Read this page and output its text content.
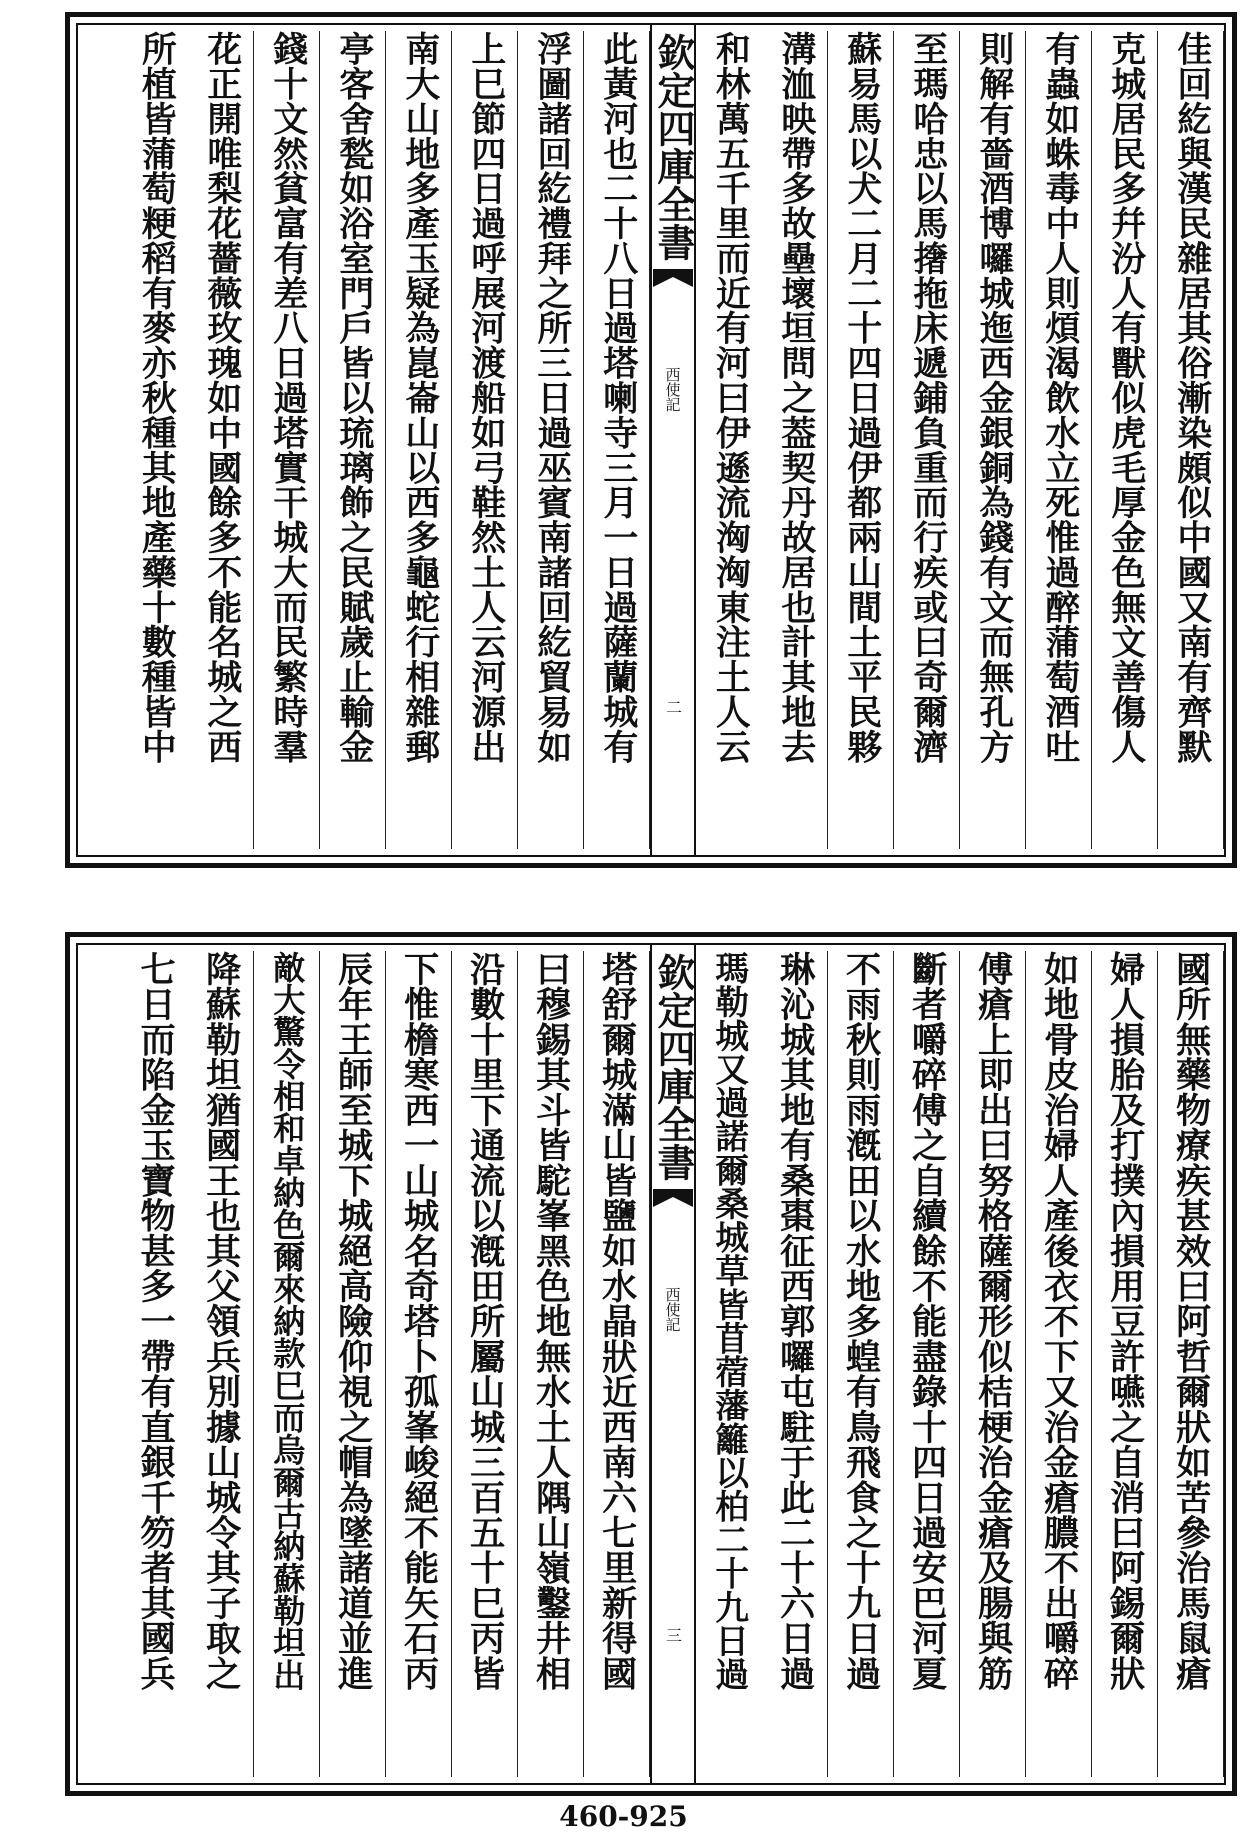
佳回紇與漢民雜居其俗漸染頗似中國又南有齊默
克城居民多幷汾人有獸似虎毛厚金色無文善傷人
有蟲如蛛毒中人則煩渴飲水立死惟過醉蒲萄酒吐
則解有嗇酒博囉城迤西金銀銅為錢有文而無孔方
至瑪哈忠以馬撦拖床遞鋪負重而行疾或曰奇爾濟
蘇易馬以犬二月二十四日過伊都兩山間土平民夥
溝洫映帶多故壘壞垣問之葢契丹故居也計其地去
和林萬五千里而近有河曰伊遜流洶洶東注土人云
欽定四庫全書
西使記
二
此黃河也二十八日過塔喇寺三月一日過薩蘭城有
浮圖諸回紇禮拜之所三日過巫賓南諸回紇貿易如
上巳節四日過呼展河渡船如弓鞋然土人云河源出
南大山地多產玉疑為崑崙山以西多龜蛇行相雜郵
亭客舍甃如浴室門戶皆以琉璃飾之民賦歲止輸金
錢十文然貧富有差八日過塔實干城大而民繁時羣
花正開唯梨花薔薇玫瑰如中國餘多不能名城之西
所植皆蒲萄粳稻有麥亦秋種其地產藥十數種皆中
國所無藥物療疾甚效曰阿哲爾狀如苦參治馬鼠瘡
婦人損胎及打撲內損用豆許嚥之自消曰阿錫爾狀
如地骨皮治婦人產後衣不下又治金瘡膿不出嚼碎
傅瘡上即出曰努格薩爾形似桔梗治金瘡及腸與筋
斷者嚼碎傅之自續餘不能盡錄十四日過安巴河夏
不雨秋則雨漑田以水地多蝗有鳥飛食之十九日過
琳沁城其地有桑棗征西郭囉屯駐于此二十六日過
瑪勒城又過諾爾桑城草皆苜蓿藩籬以柏二十九日過
欽定四庫全書
西使記
三
塔舒爾城滿山皆鹽如水晶狀近西南六七里新得國
曰穆錫其斗皆駝峯黑色地無水土人隅山嶺鑿井相
沿數十里下通流以漑田所屬山城三百五十巳丙皆
下惟檐寒西一山城名奇塔卜孤峯峻絕不能矢石丙
辰年王師至城下城絕高險仰視之帽為墜諸道並進
敵大驚令相和卓納色爾來納款巳而烏爾古納蘇勒坦出
降蘇勒坦猶國王也其父領兵別據山城令其子取之
七日而陷金玉寶物甚多一帶有直銀千笏者其國兵
460-925
